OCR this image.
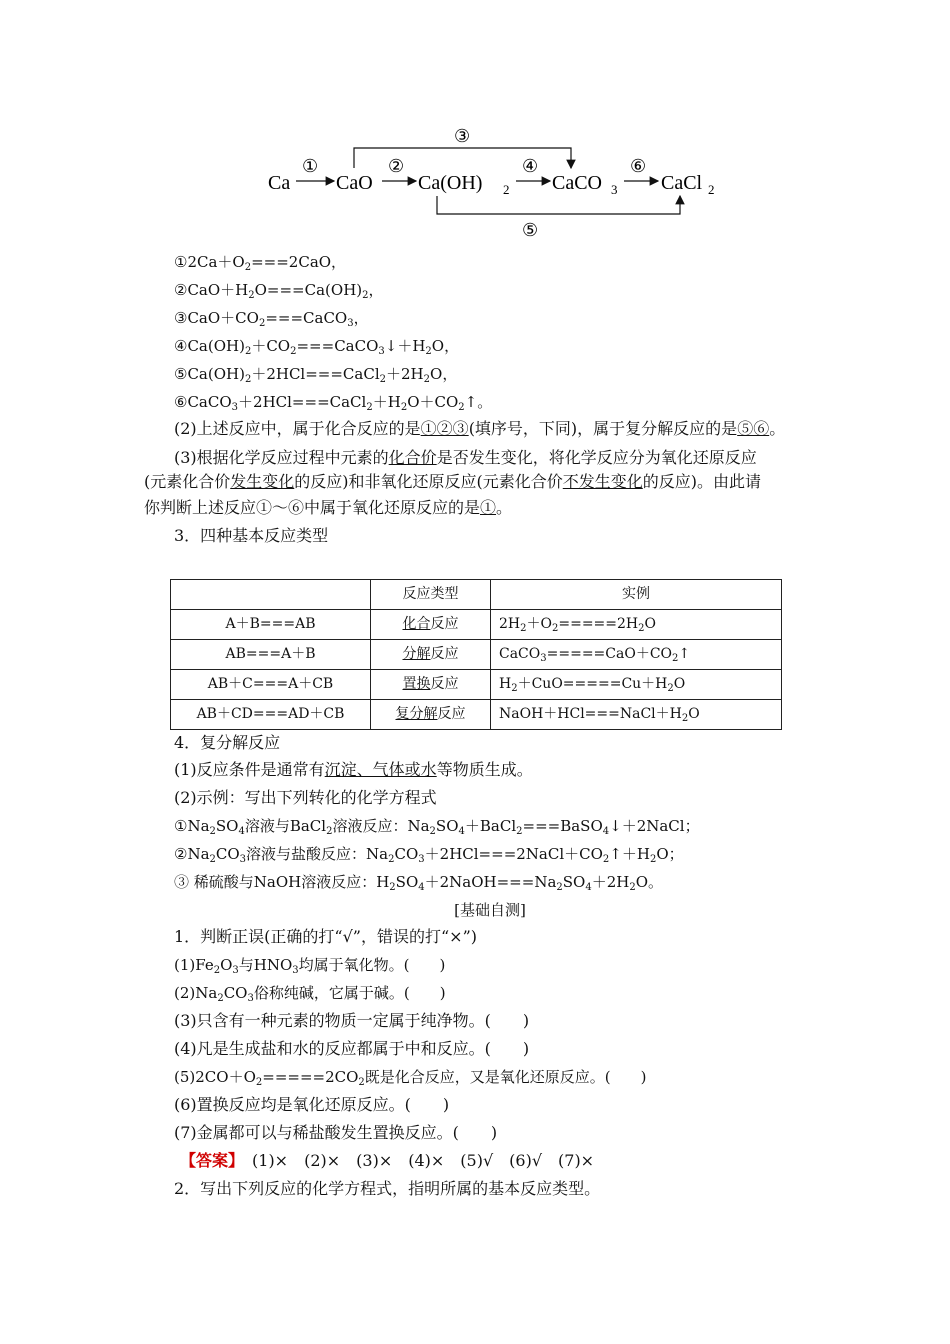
Ca CaO Ca(OH) 2 CaCO 3 CaCl 2
①	②
③
④
⑤
⑥
$①2Ca+O_2===2CaO$，
$②CaO+H_2O===Ca(OH)_2$，
$③CaO+CO_2===CaCO_3$，
$④Ca(OH)_2+CO_2===CaCO_3↓+H_2O$，
$⑤Ca(OH)_2+2HCl===CaCl_2+2H_2O$，
$⑥CaCO_3+2HCl===CaCl_2+H_2O+CO_2↑$。
(2)上述反应中，属于化合反应的是①②③(填序号，下同)，属于复分解反应的是⑤⑥。
(3)根据化学反应过程中元素的化合价是否发生变化，将化学反应分为氧化还原反应
(元素化合价发生变化的反应)和非氧化还原反应(元素化合价不发生变化的反应)。由此请
你判断上述反应①～⑥中属于氧化还原反应的是①。
3．四种基本反应类型
	反应类型	实例
A＋B===AB	化合反应	$2H_2+O_2=====2H_2O$
AB===A＋B	分解反应	$CaCO_3=====CaO+CO_2↑$
AB＋C===A＋CB	置换反应	$H_2+CuO=====Cu+H_2O$
AB＋CD===AD＋CB	复分解反应	$NaOH+HCl===NaCl+H_2O$
4．复分解反应
(1)反应条件是通常有沉淀、气体或水等物质生成。
(2)示例：写出下列转化的化学方程式
$①Na_2SO_4$溶液与BaCl$_2$溶液反应：$Na_2SO_4+BaCl_2===BaSO_4↓+2NaCl$；
$②Na_2CO_3$溶液与盐酸反应：$Na_2CO_3+2HCl===2NaCl+CO_2↑+H_2O$；
③ 稀硫酸与NaOH溶液反应：$H_2SO_4+2NaOH===Na_2SO_4+2H_2O$。
[基础自测]
1．判断正误(正确的打“√”，错误的打“×”)
$(1)Fe_2O_3$与$HNO_3$均属于氧化物。(　　)
$(2)Na_2CO_3$俗称纯碱，它属于碱。(　　)
(3)只含有一种元素的物质一定属于纯净物。(　　)
(4)凡是生成盐和水的反应都属于中和反应。(　　)
$(5)2CO+O_2=====2CO_2$既是化合反应，又是氧化还原反应。(　　)
(6)置换反应均是氧化还原反应。(　　)
(7)金属都可以与稀盐酸发生置换反应。(　　)
【答案】　(1)×　(2)×　(3)×　(4)×　(5)√　(6)√　(7)×
2．写出下列反应的化学方程式，指明所属的基本反应类型。
